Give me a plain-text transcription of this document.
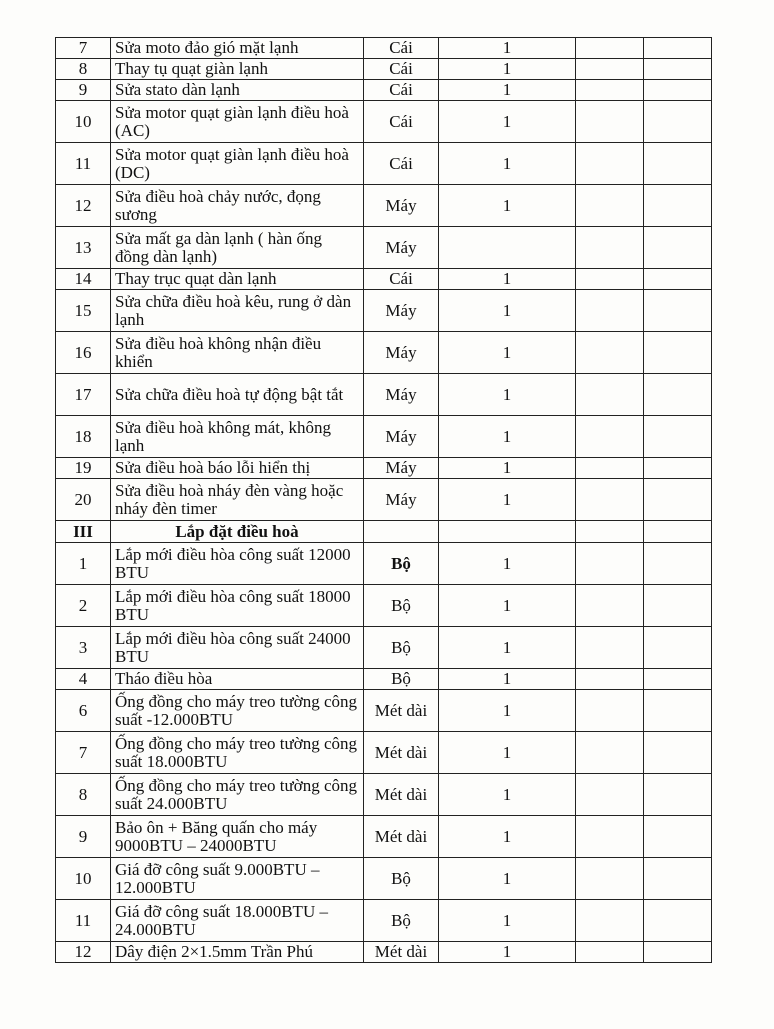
7	Sửa moto đảo gió mặt lạnh	Cái	1		
8	Thay tụ quạt giàn lạnh	Cái	1		
9	Sửa stato dàn lạnh	Cái	1		
10	Sửa motor quạt giàn lạnh điều hoà (AC)	Cái	1		
11	Sửa motor quạt giàn lạnh điều hoà (DC)	Cái	1		
12	Sửa điều hoà chảy nước, đọng sương	Máy	1		
13	Sửa mất ga dàn lạnh ( hàn ống đồng dàn lạnh)	Máy			
14	Thay trục quạt dàn lạnh	Cái	1		
15	Sửa chữa điều hoà kêu, rung ở dàn lạnh	Máy	1		
16	Sửa điều hoà không nhận điều khiển	Máy	1		
17	Sửa chữa điều hoà tự động bật tắt	Máy	1		
18	Sửa điều hoà không mát, không lạnh	Máy	1		
19	Sửa điều hoà báo lỗi hiển thị	Máy	1		
20	Sửa điều hoà nháy đèn vàng hoặc nháy đèn timer	Máy	1		
III	Lắp đặt điều hoà				
1	Lắp mới điều hòa công suất 12000 BTU	Bộ	1		
2	Lắp mới điều hòa công suất 18000 BTU	Bộ	1		
3	Lắp mới điều hòa công suất 24000 BTU	Bộ	1		
4	Tháo điều hòa	Bộ	1		
6	Ống đồng cho máy treo tường công suất -12.000BTU	Mét dài	1		
7	Ống đồng cho máy treo tường công suất 18.000BTU	Mét dài	1		
8	Ống đồng cho máy treo tường công suất 24.000BTU	Mét dài	1		
9	Bảo ôn + Băng quấn cho máy 9000BTU – 24000BTU	Mét dài	1		
10	Giá đỡ công suất 9.000BTU – 12.000BTU	Bộ	1		
11	Giá đỡ công suất 18.000BTU – 24.000BTU	Bộ	1		
12	Dây điện 2×1.5mm Trần Phú	Mét dài	1		
